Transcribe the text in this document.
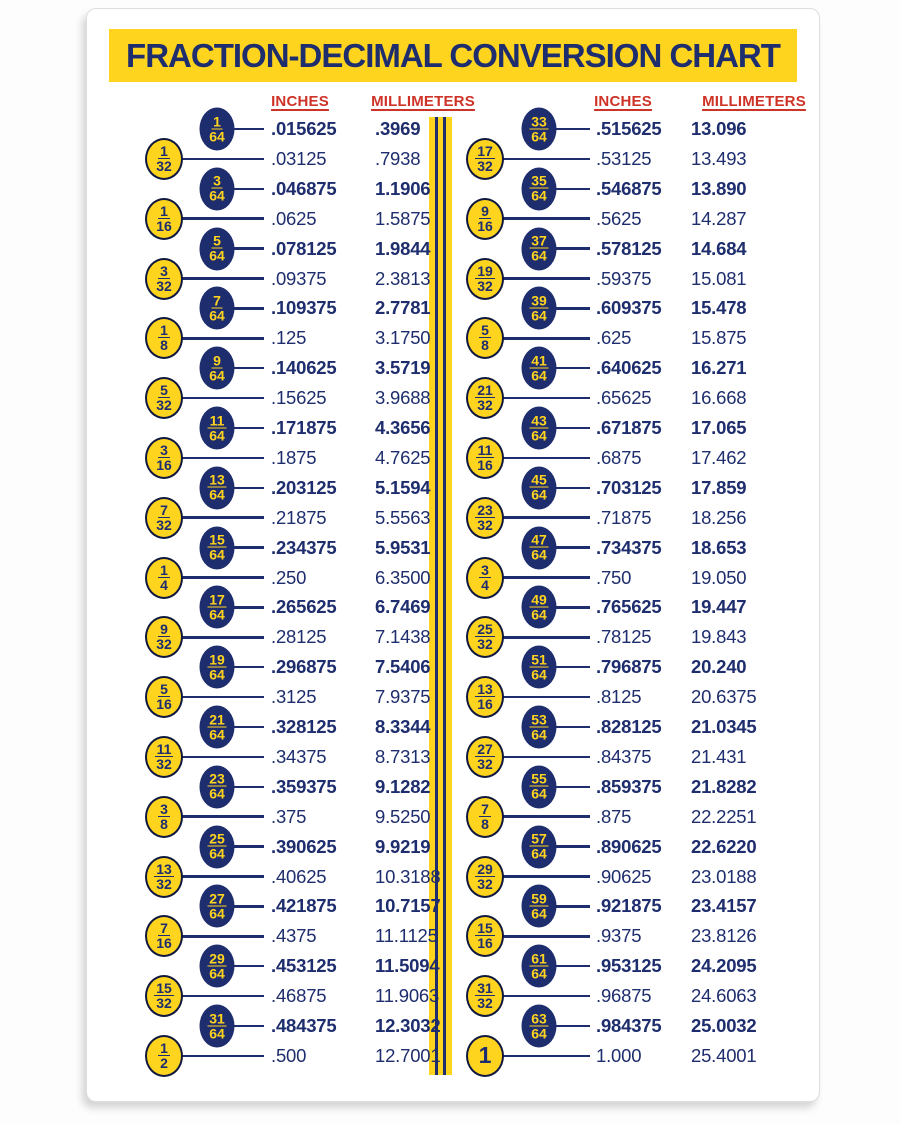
FRACTION-DECIMAL CONVERSION CHART
INCHES	MILLIMETERS	INCHES	MILLIMETERS
$\frac{1}{64} .015625$ .3969
$\frac{1}{32}$	.03125	.7938
$\frac{3}{64} .046875$ 1.1906
$\frac{1}{16}$	.0625	1.5875
$\frac{5}{64} .078125$ 1.9844
$\frac{3}{32}$	.09375	2.3813
$\frac{7}{64} .109375$ 2.7781
$\frac{1}{8}$	.125	3.1750
$\frac{9}{64} .140625$ 3.5719
$\frac{5}{32}$	.15625	3.9688
$\frac{11}{64} .171875$ 4.3656
$\frac{3}{16}$	.1875	4.7625
$\frac{13}{64} .203125$ 5.1594
$\frac{7}{32}$	.21875	5.5563
$\frac{15}{64} .234375$ 5.9531
$\frac{1}{4}$	.250	6.3500
$\frac{17}{64} .265625$ 6.7469
$\frac{9}{32}$	.28125	7.1438
$\frac{19}{64} .296875$ 7.5406
$\frac{5}{16}$	.3125	7.9375
$\frac{21}{64} .328125$ 8.3344
$\frac{11}{32}$	.34375	8.7313
$\frac{23}{64} .359375$ 9.1282
$\frac{3}{8}$	.375	9.5250
$\frac{25}{64} .390625$ 9.9219
$\frac{13}{32}$	.40625	10.3188
$\frac{27}{64} .421875$ 10.7157
$\frac{7}{16}$	.4375	11.1125
$\frac{29}{64} .453125$ 11.5094
$\frac{15}{32}$	.46875	11.9063
$\frac{31}{64} .484375$ 12.3032
$\frac{1}{2}$	.500	12.7001
$\frac{33}{64}$	.515625 13.096
$\frac{17}{32}$	.53125 13.493
$\frac{35}{64}$	.546875 13.890
$\frac{9}{16}$	.5625	14.287
$\frac{37}{64}$	.578125 14.684
$\frac{19}{32}$	.59375 15.081
$\frac{39}{64}$	.609375 15.478
$\frac{5}{8}$	.625	15.875
$\frac{41}{64}$	.640625 16.271
$\frac{21}{32}$	.65625 16.668
$\frac{43}{64}$	.671875 17.065
$\frac{11}{16}$	.6875	17.462
$\frac{45}{64}$	.703125 17.859
$\frac{23}{32}$	.71875 18.256
$\frac{47}{64}$	.734375 18.653
$\frac{3}{4}$	.750	19.050
$\frac{49}{64}$	.765625 19.447
$\frac{25}{32}$	.78125 19.843
$\frac{51}{64}$	.796875 20.240
$\frac{13}{16}$	.8125	20.6375
$\frac{53}{64}$	.828125 21.0345
$\frac{27}{32}$	.84375 21.431
$\frac{55}{64}$	.859375 21.8282
$\frac{7}{8}$	.875	22.2251
$\frac{57}{64}$	.890625 22.6220
$\frac{29}{32}$	.90625 23.0188
$\frac{59}{64}$	.921875 23.4157
$\frac{15}{16}$	.9375	23.8126
$\frac{61}{64}$	.953125 24.2095
$\frac{31}{32}$	.96875 24.6063
$\frac{63}{64}$	.984375 25.0032
1	1.000	25.4001
